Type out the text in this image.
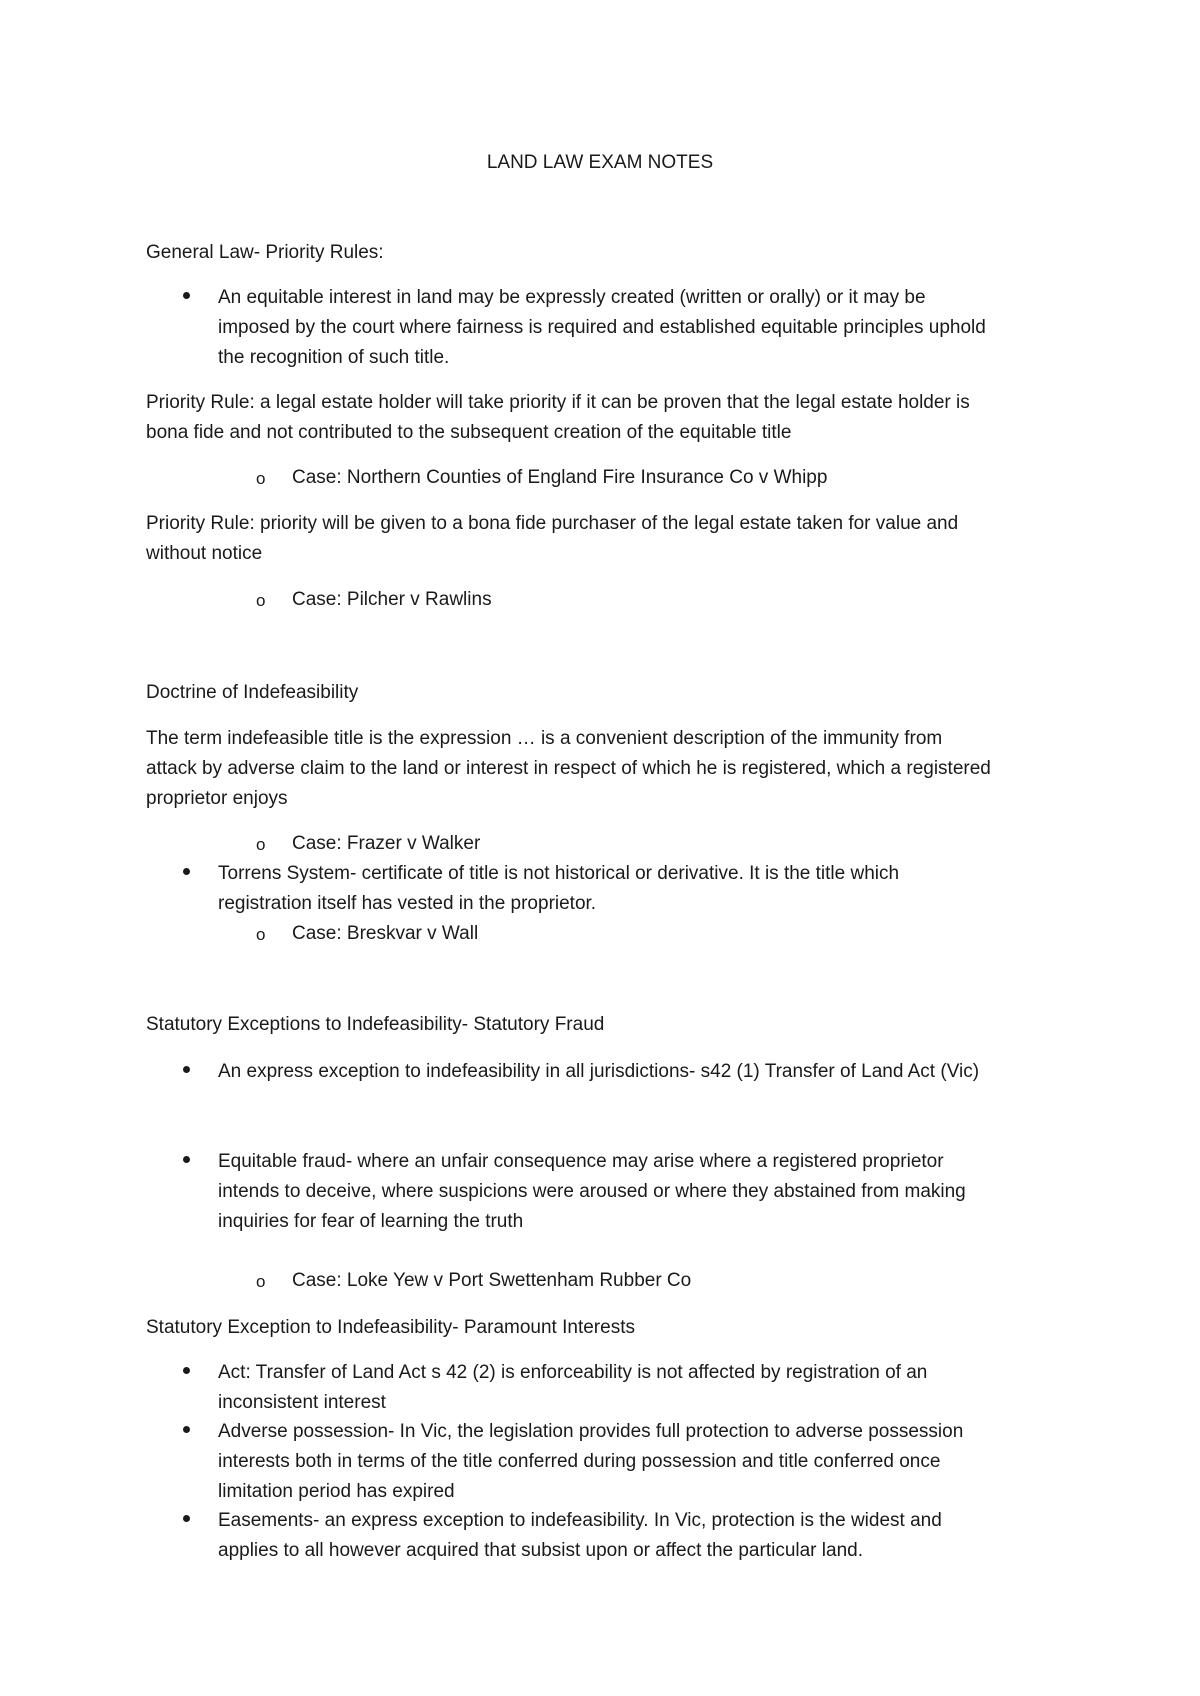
LAND LAW EXAM NOTES
General Law- Priority Rules:
An equitable interest in land may be expressly created (written or orally) or it may be
imposed by the court where fairness is required and established equitable principles uphold
the recognition of such title.
Priority Rule: a legal estate holder will take priority if it can be proven that the legal estate holder is
bona fide and not contributed to the subsequent creation of the equitable title
o Case: Northern Counties of England Fire Insurance Co v Whipp
Priority Rule: priority will be given to a bona fide purchaser of the legal estate taken for value and
without notice
o Case: Pilcher v Rawlins
Doctrine of Indefeasibility
The term indefeasible title is the expression … is a convenient description of the immunity from
attack by adverse claim to the land or interest in respect of which he is registered, which a registered
proprietor enjoys
o Case: Frazer v Walker
Torrens System- certificate of title is not historical or derivative. It is the title which
registration itself has vested in the proprietor.
o Case: Breskvar v Wall
Statutory Exceptions to Indefeasibility- Statutory Fraud
An express exception to indefeasibility in all jurisdictions- s42 (1) Transfer of Land Act (Vic)
Equitable fraud- where an unfair consequence may arise where a registered proprietor
intends to deceive, where suspicions were aroused or where they abstained from making
inquiries for fear of learning the truth
o Case: Loke Yew v Port Swettenham Rubber Co
Statutory Exception to Indefeasibility- Paramount Interests
Act: Transfer of Land Act s 42 (2) is enforceability is not affected by registration of an
inconsistent interest
Adverse possession- In Vic, the legislation provides full protection to adverse possession
interests both in terms of the title conferred during possession and title conferred once
limitation period has expired
Easements- an express exception to indefeasibility. In Vic, protection is the widest and
applies to all however acquired that subsist upon or affect the particular land.
